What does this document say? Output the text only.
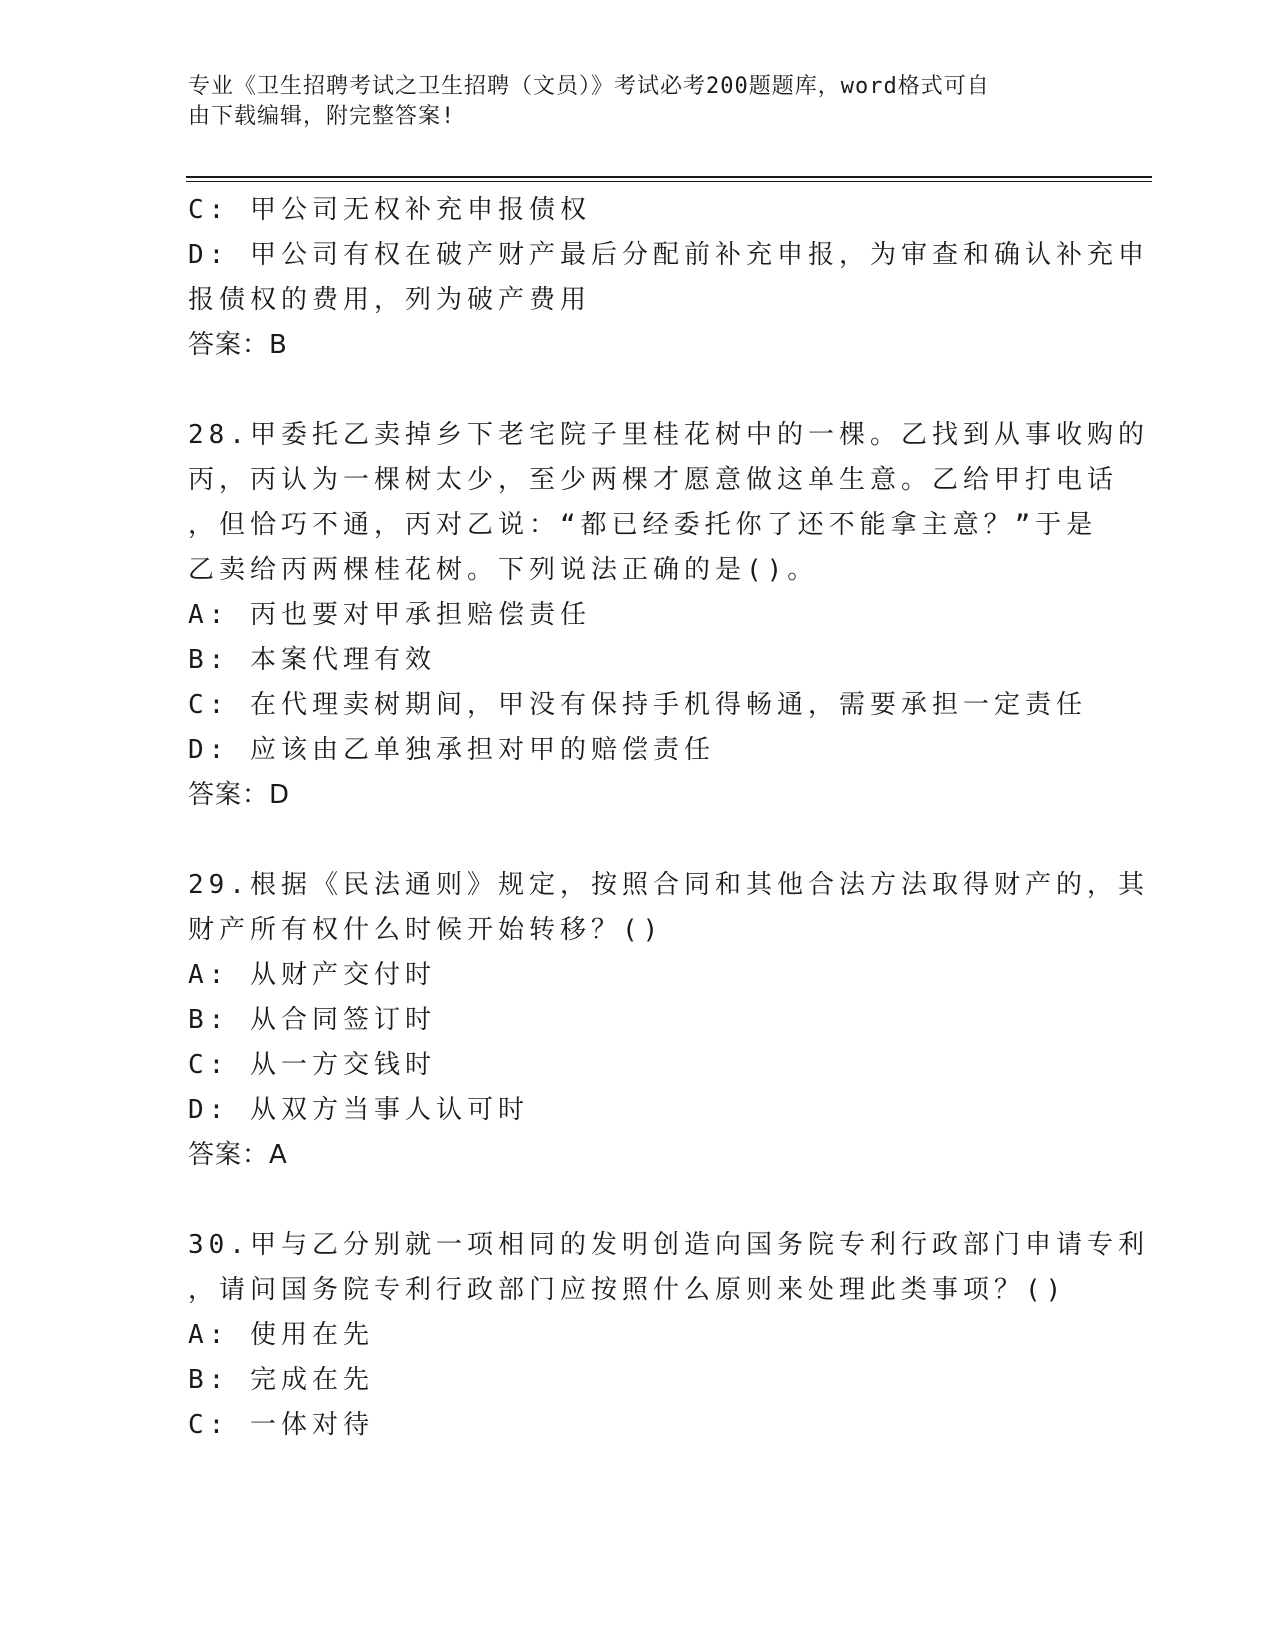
专业《卫生招聘考试之卫生招聘（文员）》考试必考200题题库，word格式可自
由下载编辑，附完整答案!
C: 甲公司无权补充申报债权
D: 甲公司有权在破产财产最后分配前补充申报，为审查和确认补充申
报债权的费用，列为破产费用
答案：B
28.甲委托乙卖掉乡下老宅院子里桂花树中的一棵。乙找到从事收购的
丙，丙认为一棵树太少，至少两棵才愿意做这单生意。乙给甲打电话
，但恰巧不通，丙对乙说：“都已经委托你了还不能拿主意？”于是
乙卖给丙两棵桂花树。下列说法正确的是()。
A: 丙也要对甲承担赔偿责任
B: 本案代理有效
C: 在代理卖树期间，甲没有保持手机得畅通，需要承担一定责任
D: 应该由乙单独承担对甲的赔偿责任
答案：D
29.根据《民法通则》规定，按照合同和其他合法方法取得财产的，其
财产所有权什么时候开始转移？()
A: 从财产交付时
B: 从合同签订时
C: 从一方交钱时
D: 从双方当事人认可时
答案：A
30.甲与乙分别就一项相同的发明创造向国务院专利行政部门申请专利
，请问国务院专利行政部门应按照什么原则来处理此类事项？()
A: 使用在先
B: 完成在先
C: 一体对待
